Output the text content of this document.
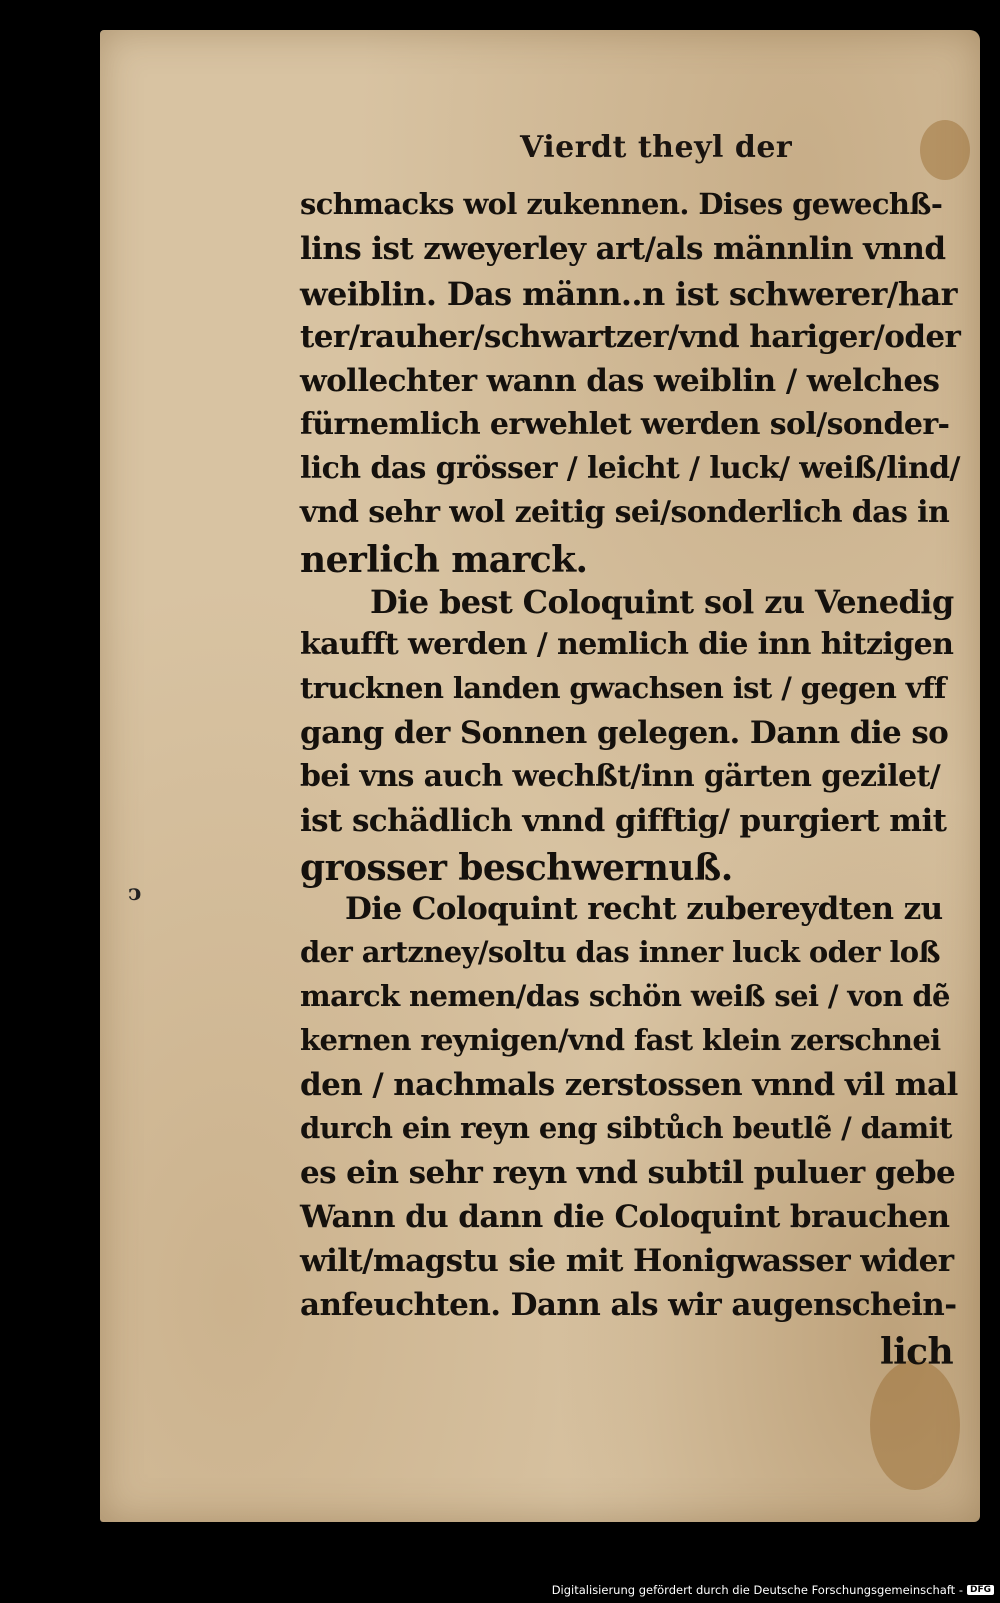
Vierdt theyl der
ↄ
schmacks wol zukennen. Dises gewechß-
lins ist zweyerley art/als männlin vnnd
weiblin. Das männ..n ist schwerer/har
ter/rauher/schwartzer/vnd hariger/oder
wollechter wann das weiblin / welches
fürnemlich erwehlet werden sol/sonder-
lich das grösser / leicht / luck/ weiß/lind/
vnd sehr wol zeitig sei/sonderlich das in
nerlich marck.
Die best Coloquint sol zu Venedig
kaufft werden / nemlich die inn hitzigen
trucknen landen gwachsen ist / gegen vff
gang der Sonnen gelegen. Dann die so
bei vns auch wechßt/inn gärten gezilet/
ist schädlich vnnd gifftig/ purgiert mit
grosser beschwernuß.
Die Coloquint recht zubereydten zu
der artzney/soltu das inner luck oder loß
marck nemen/das schön weiß sei / von dẽ
kernen reynigen/vnd fast klein zerschnei
den / nachmals zerstossen vnnd vil mal
durch ein reyn eng sibtůch beutlẽ / damit
es ein sehr reyn vnd subtil puluer gebe
Wann du dann die Coloquint brauchen
wilt/magstu sie mit Honigwasser wider
anfeuchten. Dann als wir augenschein-
lich
Digitalisierung gefördert durch die Deutsche Forschungsgemeinschaft - DFG
